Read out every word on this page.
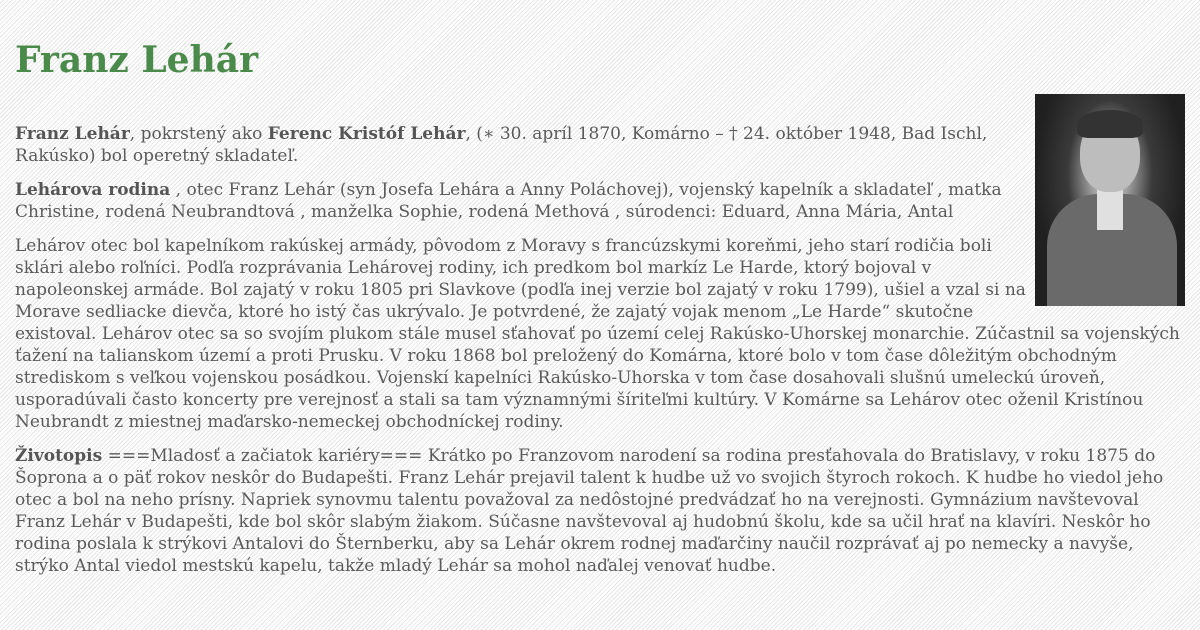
Franz Lehár

Franz Lehár, pokrstený ako Ferenc Kristóf Lehár, (∗ 30. apríl 1870, Komárno – † 24. október 1948, Bad Ischl, Rakúsko) bol operetný skladateľ.

Lehárova rodina , otec Franz Lehár (syn Josefa Lehára a Anny Poláchovej), vojenský kapelník a skladateľ , matka Christine, rodená Neubrandtová , manželka Sophie, rodená Methová , súrodenci: Eduard, Anna Mária, Antal

Lehárov otec bol kapelníkom rakúskej armády, pôvodom z Moravy s francúzskymi koreňmi, jeho starí rodičia boli sklári alebo roľníci. Podľa rozprávania Lehárovej rodiny, ich predkom bol markíz Le Harde, ktorý bojoval v napoleonskej armáde. Bol zajatý v roku 1805 pri Slavkove (podľa inej verzie bol zajatý v roku 1799), ušiel a vzal si na Morave sedliacke dievča, ktoré ho istý čas ukrývalo. Je potvrdené, že zajatý vojak menom „Le Harde“ skutočne existoval. Lehárov otec sa so svojím plukom stále musel sťahovať po území celej Rakúsko-Uhorskej monarchie. Zúčastnil sa vojenských ťažení na talianskom území a proti Prusku. V roku 1868 bol preložený do Komárna, ktoré bolo v tom čase dôležitým obchodným strediskom s veľkou vojenskou posádkou. Vojenskí kapelníci Rakúsko-Uhorska v tom čase dosahovali slušnú umeleckú úroveň, usporadúvali často koncerty pre verejnosť a stali sa tam významnými šíriteľmi kultúry. V Komárne sa Lehárov otec oženil Kristínou Neubrandt z miestnej maďarsko-nemeckej obchodníckej rodiny.

Životopis ===Mladosť a začiatok kariéry=== Krátko po Franzovom narodení sa rodina presťahovala do Bratislavy, v roku 1875 do Šoprona a o päť rokov neskôr do Budapešti. Franz Lehár prejavil talent k hudbe už vo svojich štyroch rokoch. K hudbe ho viedol jeho otec a bol na neho prísny. Napriek synovmu talentu považoval za nedôstojné predvádzať ho na verejnosti. Gymnázium navštevoval Franz Lehár v Budapešti, kde bol skôr slabým žiakom. Súčasne navštevoval aj hudobnú školu, kde sa učil hrať na klavíri. Neskôr ho rodina poslala k strýkovi Antalovi do Šternberku, aby sa Lehár okrem rodnej maďarčiny naučil rozprávať aj po nemecky a navyše, strýko Antal viedol mestskú kapelu, takže mladý Lehár sa mohol naďalej venovať hudbe.
